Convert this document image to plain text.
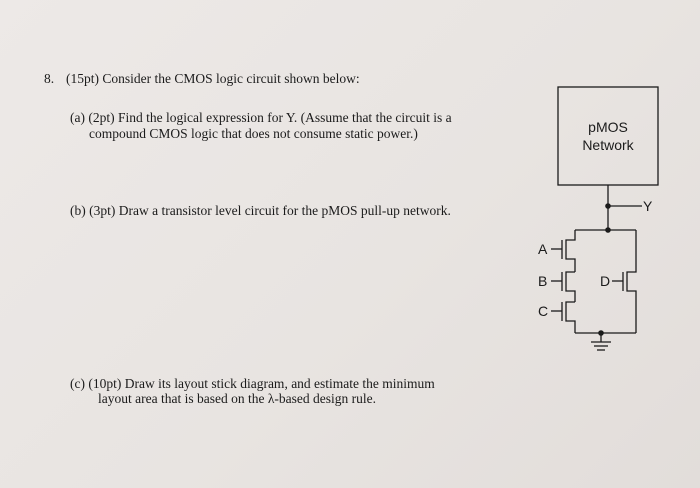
8. (15pt) Consider the CMOS logic circuit shown below:
(a) (2pt) Find the logical expression for Y. (Assume that the circuit is a
compound CMOS logic that does not consume static power.)
(b) (3pt) Draw a transistor level circuit for the pMOS pull-up network.
(c) (10pt) Draw its layout stick diagram, and estimate the minimum
layout area that is based on the λ-based design rule.
pMOS
Network
Y
A
B
C
D
